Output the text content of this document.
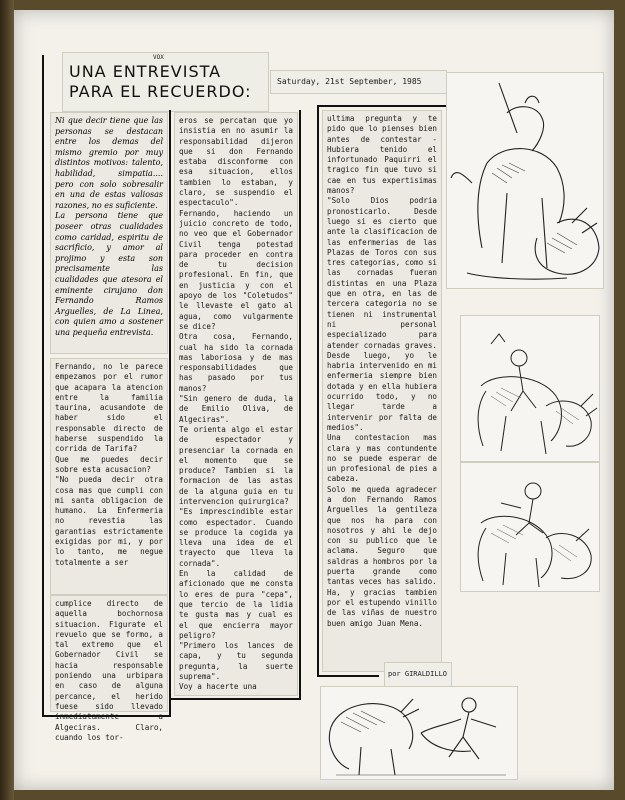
VOX
UNA ENTREVISTA
PARA EL RECUERDO:
Saturday, 21st September, 1985
Ni que decir tiene que las personas se destacan entre los demas del mismo gremio por muy distintos motivos: talento, habilidad, simpatia.... pero con solo sobresalir en una de estas valiosas razones, no es suficiente.
La persona tiene que poseer otras cualidades como caridad, espiritu de sacrificio, y amor al projimo y esta son precisamente las cualidades que atesora el eminente cirujano don Fernando Ramos Arguelles, de La Linea, con quien amo a sostener una pequeña entrevista.
Fernando, no le parece empezamos por el rumor que acapara la atencion entre la familia taurina, acusandote de haber sido el responsable directo de haberse suspendido la corrida de Tarifa?
Que me puedes decir sobre esta acusacion?
"No pueda decir otra cosa mas que cumpli con mi santa obligacion de humano. La Enfermeria no revestia las garantias estrictamente exigidas por mi, y por lo tanto, me negue totalmente a ser
cumplice directo de aquella bochornosa situacion. Figurate el revuelo que se formo, a tal extremo que el Gobernador Civil se hacia responsable poniendo una urbipara en caso de alguna percance, el herido fuese sido llevado inmediatamente a Algeciras. Claro, cuando los tor-
eros se percatan que yo insistia en no asumir la responsabilidad dijeron que si don Fernando estaba disconforme con esa situacion, ellos tambien lo estaban, y claro, se suspendio el espectaculo".
Fernando, haciendo un juicio concreto de todo, no veo que el Gobernador Civil tenga potestad para proceder en contra de tu decision profesional. En fin, que en justicia y con el apoyo de los "Coletudos" le llevaste el gato al agua, como vulgarmente se dice?
Otra cosa, Fernando, cual ha sido la cornada mas laboriosa y de mas responsabilidades que has pasado por tus manos?
"Sin genero de duda, la de Emilio Oliva, de Algeciras".
Te orienta algo el estar de espectador y presenciar la cornada en el momento que se produce? Tambien si la formacion de las astas de la alguna guia en tu intervencion quirurgica?
"Es imprescindible estar como espectador. Cuando se produce la cogida ya lleva una idea de el trayecto que lleva la cornada".
En la calidad de aficionado que me consta lo eres de pura "cepa", que tercio de la lidia te gusta mas y cual es el que encierra mayor peligro?
"Primero los lances de capa, y tu segunda pregunta, la suerte suprema".
Voy a hacerte una
ultima pregunta y te pido que lo pienses bien antes de contestar - Hubiera tenido el infortunado Paquirri el tragico fin que tuvo si cae en tus expertisimas manos?
"Solo Dios podria pronosticarlo. Desde luego si es cierto que ante la clasificacion de las enfermerias de las Plazas de Toros con sus tres categorias, como si las cornadas fueran distintas en una Plaza que en otra, en las de tercera categoria no se tienen ni instrumental ni personal especializado para atender cornadas graves. Desde luego, yo le habria intervenido en mi enfermeria siempre bien dotada y en ella hubiera ocurrido todo, y no llegar tarde a intervenir por falta de medios".
Una contestacion mas clara y mas contundente no se puede esperar de un profesional de pies a cabeza.
Solo me queda agradecer a don Fernando Ramos Arguelles la gentileza que nos ha para con nosotros y ahi le dejo con su publico que le aclama. Seguro que saldras a hombros por la puerta grande como tantas veces has salido.
Ha, y gracias tambien por el estupendo vinillo de las viñas de nuestro buen amigo Juan Mena.
por GIRALDILLO
